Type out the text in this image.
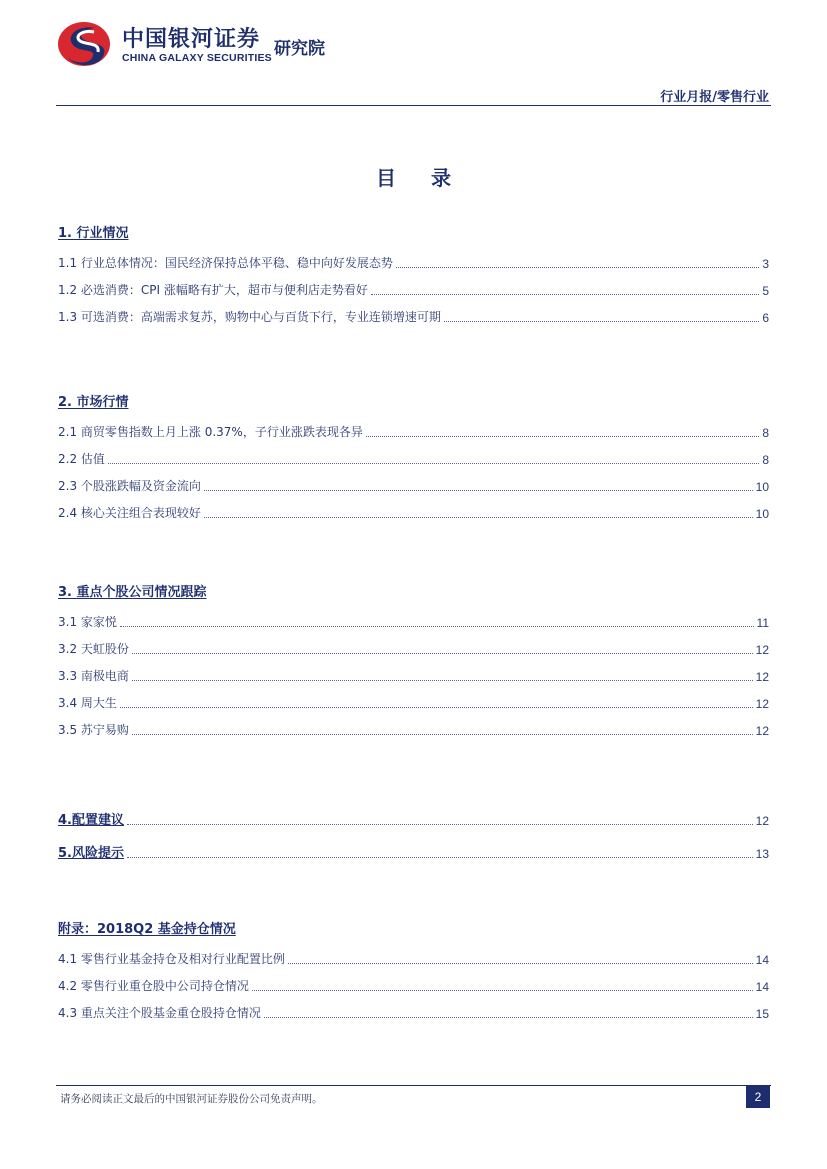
中国银河证券
CHINA GALAXY SECURITIES 研究院
行业月报/零售行业
目 录
1. 行业情况
1.1 行业总体情况：国民经济保持总体平稳、稳中向好发展态势	3
1.2 必选消费：CPI 涨幅略有扩大，超市与便利店走势看好	5
1.3 可选消费：高端需求复苏，购物中心与百货下行，专业连锁增速可期	6
2. 市场行情
2.1 商贸零售指数上月上涨 0.37%，子行业涨跌表现各异	8
2.2 估值	8
2.3 个股涨跌幅及资金流向	10
2.4 核心关注组合表现较好	10
3. 重点个股公司情况跟踪
3.1 家家悦	11
3.2 天虹股份	12
3.3 南极电商	12
3.4 周大生	12
3.5 苏宁易购	12
4.配置建议	12
5.风险提示	13
附录：2018Q2 基金持仓情况
4.1 零售行业基金持仓及相对行业配置比例	14
4.2 零售行业重仓股中公司持仓情况	14
4.3 重点关注个股基金重仓股持仓情况	15
请务必阅读正文最后的中国银河证券股份公司免责声明。	2
